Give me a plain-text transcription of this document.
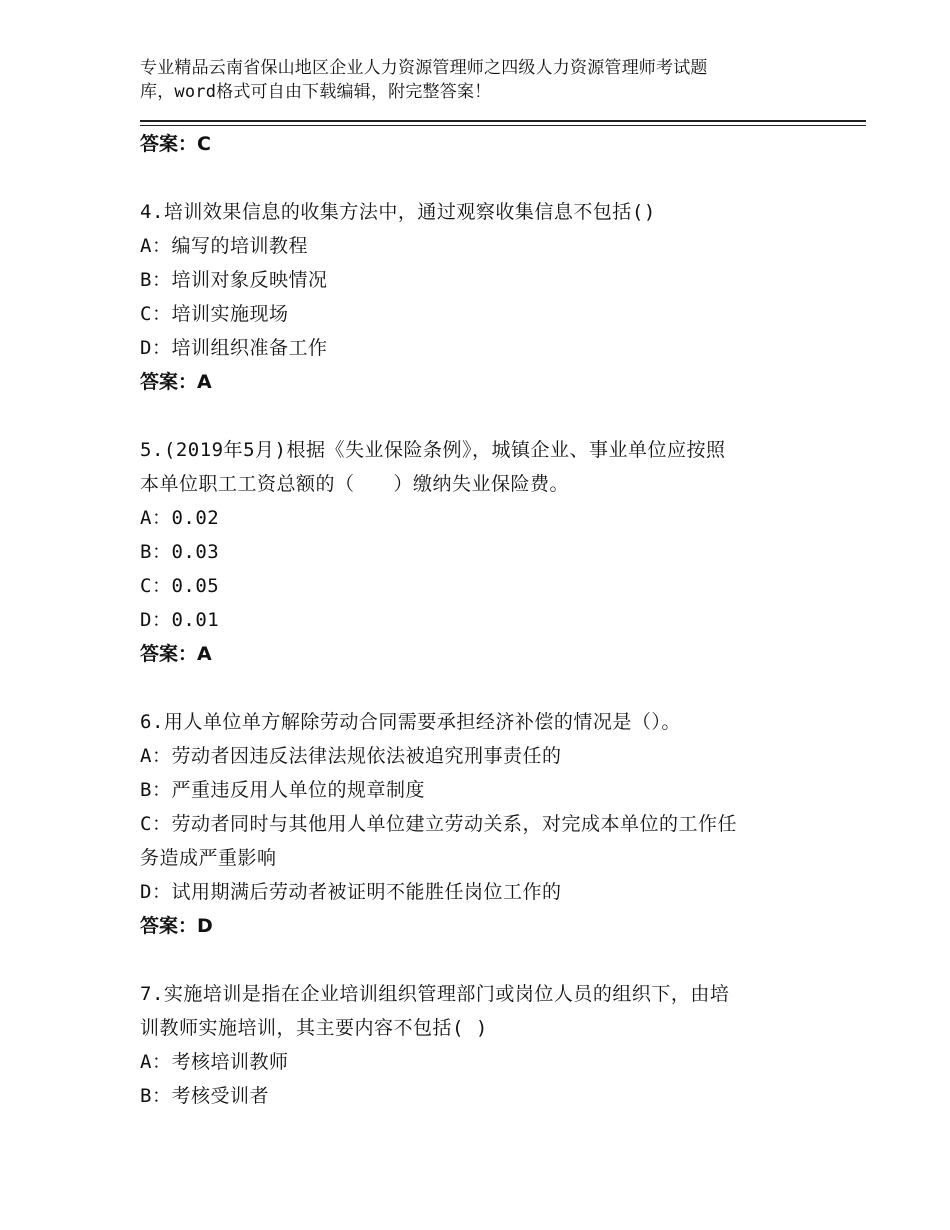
专业精品云南省保山地区企业人力资源管理师之四级人力资源管理师考试题
库，word格式可自由下载编辑，附完整答案！

答案：C

4.培训效果信息的收集方法中，通过观察收集信息不包括()

A：编写的培训教程

B：培训对象反映情况

C：培训实施现场

D：培训组织准备工作

答案：A

5.(2019年5月)根据《失业保险条例》，城镇企业、事业单位应按照

本单位职工工资总额的（　　）缴纳失业保险费。

A：0.02

B：0.03

C：0.05

D：0.01

答案：A

6.用人单位单方解除劳动合同需要承担经济补偿的情况是（）。

A：劳动者因违反法律法规依法被追究刑事责任的

B：严重违反用人单位的规章制度

C：劳动者同时与其他用人单位建立劳动关系，对完成本单位的工作任

务造成严重影响

D：试用期满后劳动者被证明不能胜任岗位工作的

答案：D

7.实施培训是指在企业培训组织管理部门或岗位人员的组织下，由培

训教师实施培训，其主要内容不包括( )

A：考核培训教师

B：考核受训者
